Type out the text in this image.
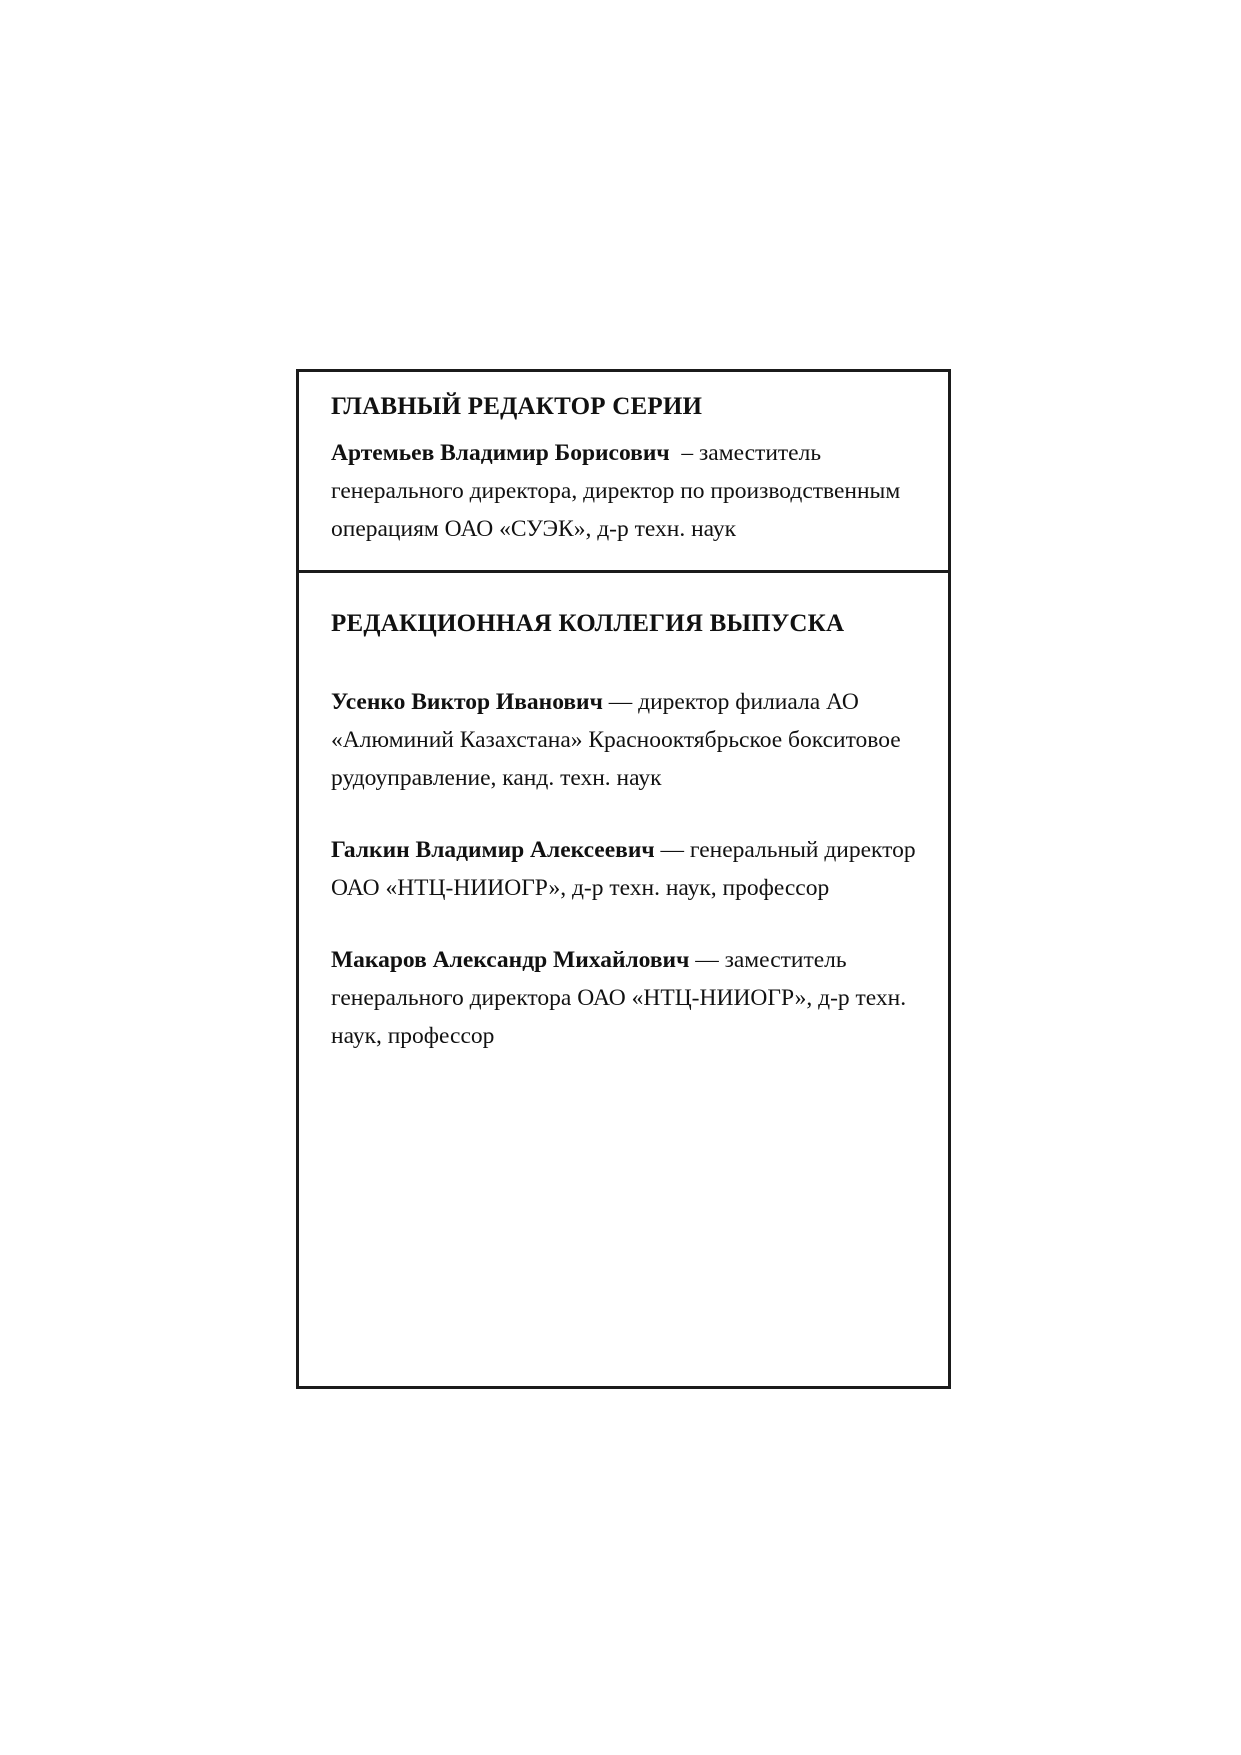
ГЛАВНЫЙ РЕДАКТОР СЕРИИ

Артемьев Владимир Борисович  – заместитель генерального директора, директор по производственным операциям ОАО «СУЭК», д-р техн. наук

РЕДАКЦИОННАЯ КОЛЛЕГИЯ ВЫПУСКА

Усенко Виктор Иванович — директор филиала АО «Алюминий Казахстана» Краснооктябрьское бокситовое рудоуправление, канд. техн. наук

Галкин Владимир Алексеевич — генеральный директор ОАО «НТЦ-НИИОГР», д-р техн. наук, профессор

Макаров Александр Михайлович — заместитель генерального директора ОАО «НТЦ-НИИОГР», д-р техн. наук, профессор
